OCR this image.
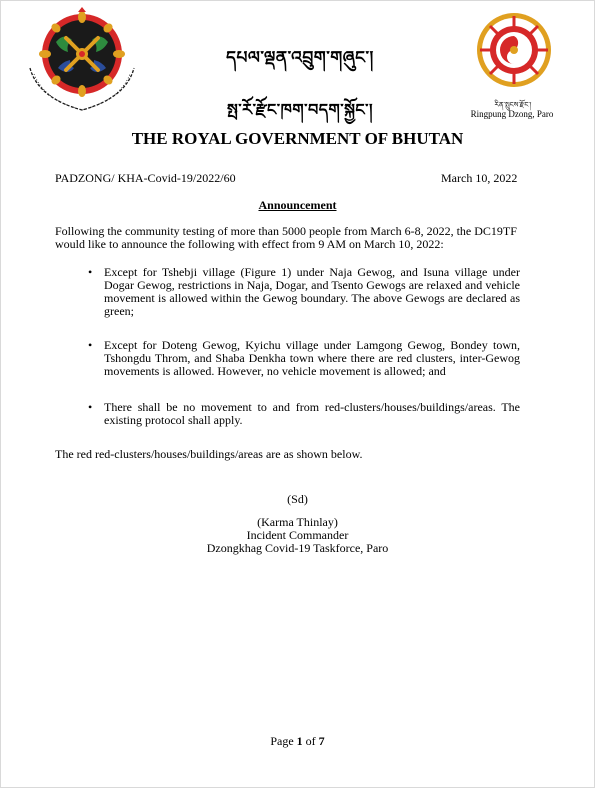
དཔལ་ལྡན་འབྲུག་གཞུང་།
སྤ་རོ་རྫོང་ཁག་བདག་སྐྱོང་།	རིན་སྤུངས་རྫོང་།
Ringpung Dzong, Paro
THE ROYAL GOVERNMENT OF BHUTAN
PADZONG/ KHA-Covid-19/2022/60	March 10, 2022
Announcement
Following the community testing of more than 5000 people from March 6-8, 2022, the DC19TF would like to announce the following with effect from 9 AM on March 10, 2022:
• Except for Tshebji village (Figure 1) under Naja Gewog, and Isuna village under Dogar Gewog, restrictions in Naja, Dogar, and Tsento Gewogs are relaxed and vehicle movement is allowed within the Gewog boundary. The above Gewogs are declared as green;
• Except for Doteng Gewog, Kyichu village under Lamgong Gewog, Bondey town, Tshongdu Throm, and Shaba Denkha town where there are red clusters, inter-Gewog movements is allowed. However, no vehicle movement is allowed; and
• There shall be no movement to and from red-clusters/houses/buildings/areas. The existing protocol shall apply.
The red red-clusters/houses/buildings/areas are as shown below.
(Sd)
(Karma Thinlay)
Incident Commander
Dzongkhag Covid-19 Taskforce, Paro
Page 1 of 7
